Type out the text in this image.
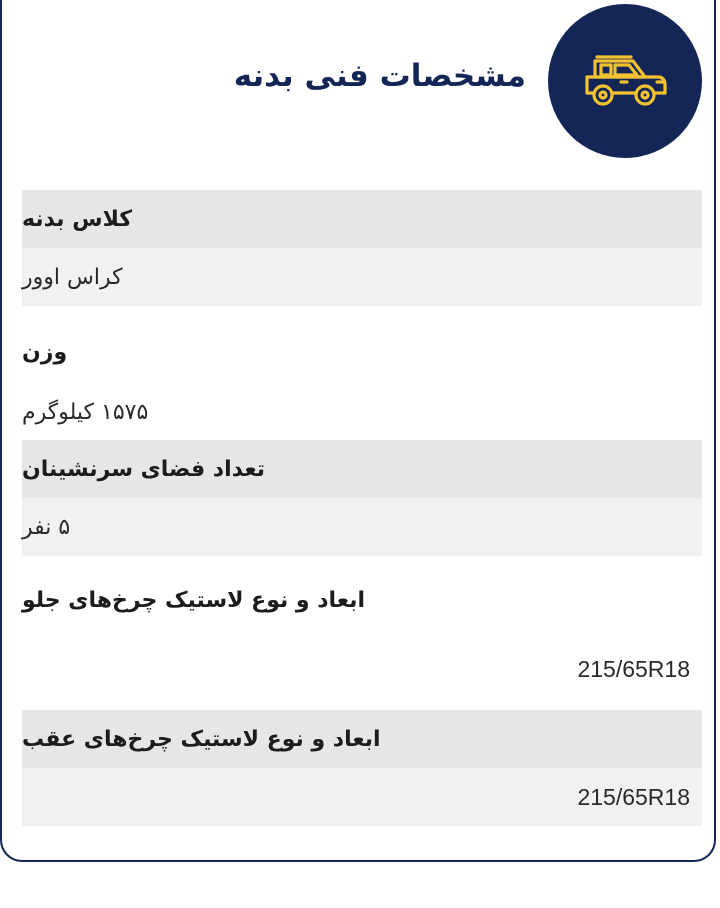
مشخصات فنی بدنه
کلاس بدنه
کراس اوور
وزن
۱۵۷۵ کیلوگرم
تعداد فضای سرنشینان
۵ نفر
ابعاد و نوع لاستیک چرخ‌های جلو
215/65R18
ابعاد و نوع لاستیک چرخ‌های عقب
215/65R18
